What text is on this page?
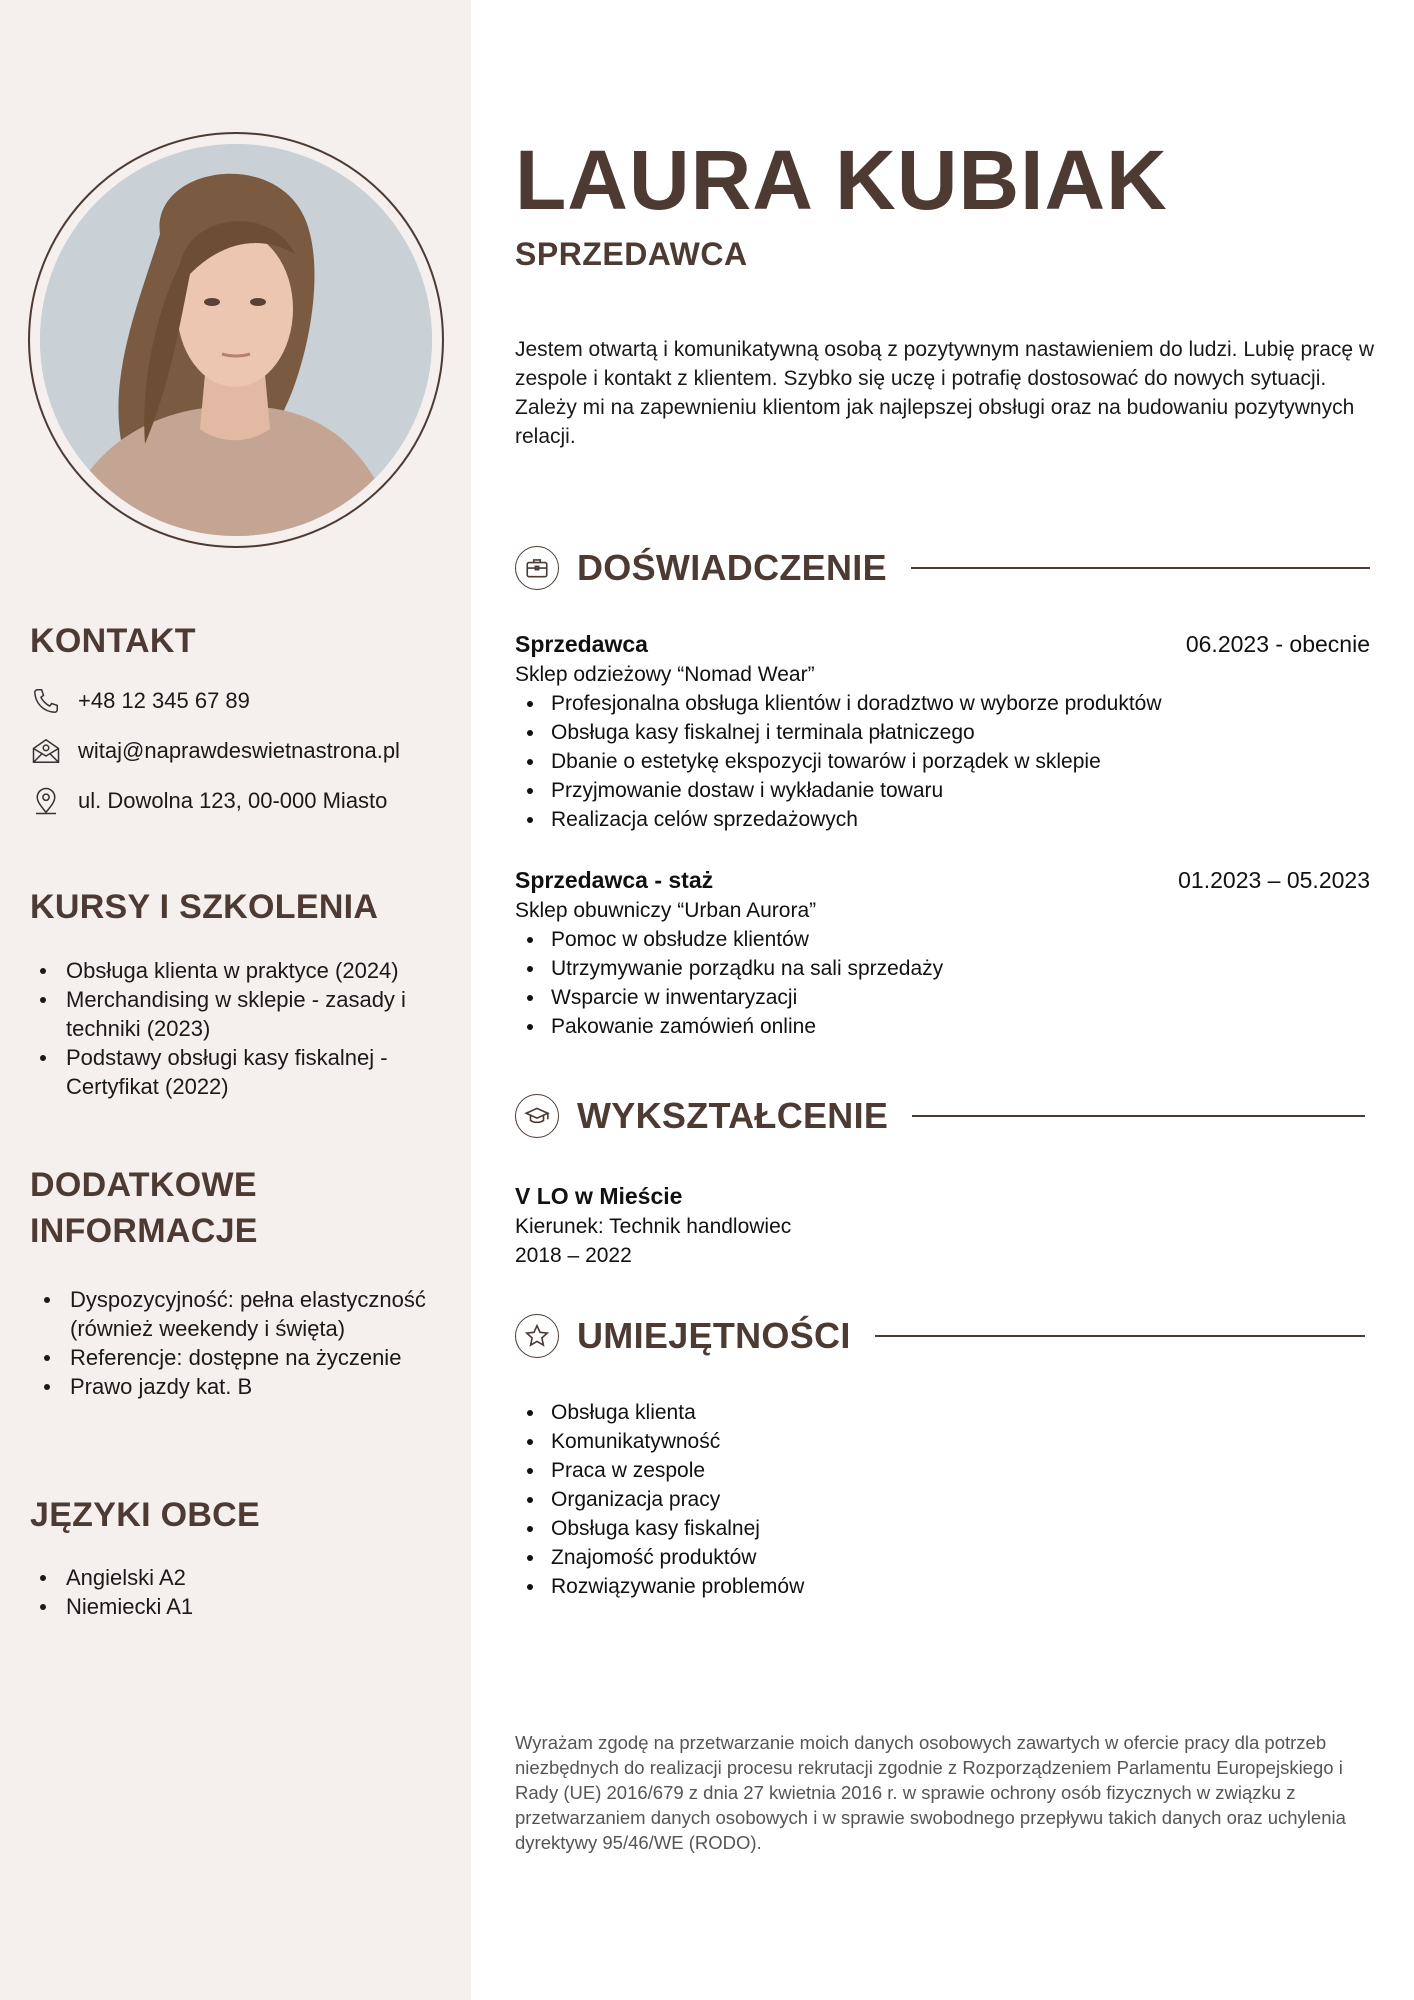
KONTAKT
+48 12 345 67 89
witaj@naprawdeswietnastrona.pl
ul. Dowolna 123, 00-000 Miasto
KURSY I SZKOLENIA
Obsługa klienta w praktyce (2024)
Merchandising w sklepie - zasady i techniki (2023)
Podstawy obsługi kasy fiskalnej - Certyfikat (2022)
DODATKOWE
INFORMACJE
Dyspozycyjność: pełna elastyczność (również weekendy i święta)
Referencje: dostępne na życzenie
Prawo jazdy kat. B
JĘZYKI OBCE
Angielski A2
Niemiecki A1
LAURA KUBIAK
SPRZEDAWCA

Jestem otwartą i komunikatywną osobą z pozytywnym nastawieniem do ludzi. Lubię pracę w zespole i kontakt z klientem. Szybko się uczę i potrafię dostosować do nowych sytuacji. Zależy mi na zapewnieniu klientom jak najlepszej obsługi oraz na budowaniu pozytywnych relacji.

DOŚWIADCZENIE
Sprzedawca	06.2023 - obecnie
Sklep odzieżowy “Nomad Wear”
Profesjonalna obsługa klientów i doradztwo w wyborze produktów
Obsługa kasy fiskalnej i terminala płatniczego
Dbanie o estetykę ekspozycji towarów i porządek w sklepie
Przyjmowanie dostaw i wykładanie towaru
Realizacja celów sprzedażowych
Sprzedawca - staż	01.2023 – 05.2023
Sklep obuwniczy “Urban Aurora”
Pomoc w obsłudze klientów
Utrzymywanie porządku na sali sprzedaży
Wsparcie w inwentaryzacji
Pakowanie zamówień online
WYKSZTAŁCENIE
V LO w Mieście
Kierunek: Technik handlowiec
2018 – 2022
UMIEJĘTNOŚCI
Obsługa klienta
Komunikatywność
Praca w zespole
Organizacja pracy
Obsługa kasy fiskalnej
Znajomość produktów
Rozwiązywanie problemów

Wyrażam zgodę na przetwarzanie moich danych osobowych zawartych w ofercie pracy dla potrzeb niezbędnych do realizacji procesu rekrutacji zgodnie z Rozporządzeniem Parlamentu Europejskiego i Rady (UE) 2016/679 z dnia 27 kwietnia 2016 r. w sprawie ochrony osób fizycznych w związku z przetwarzaniem danych osobowych i w sprawie swobodnego przepływu takich danych oraz uchylenia dyrektywy 95/46/WE (RODO).
